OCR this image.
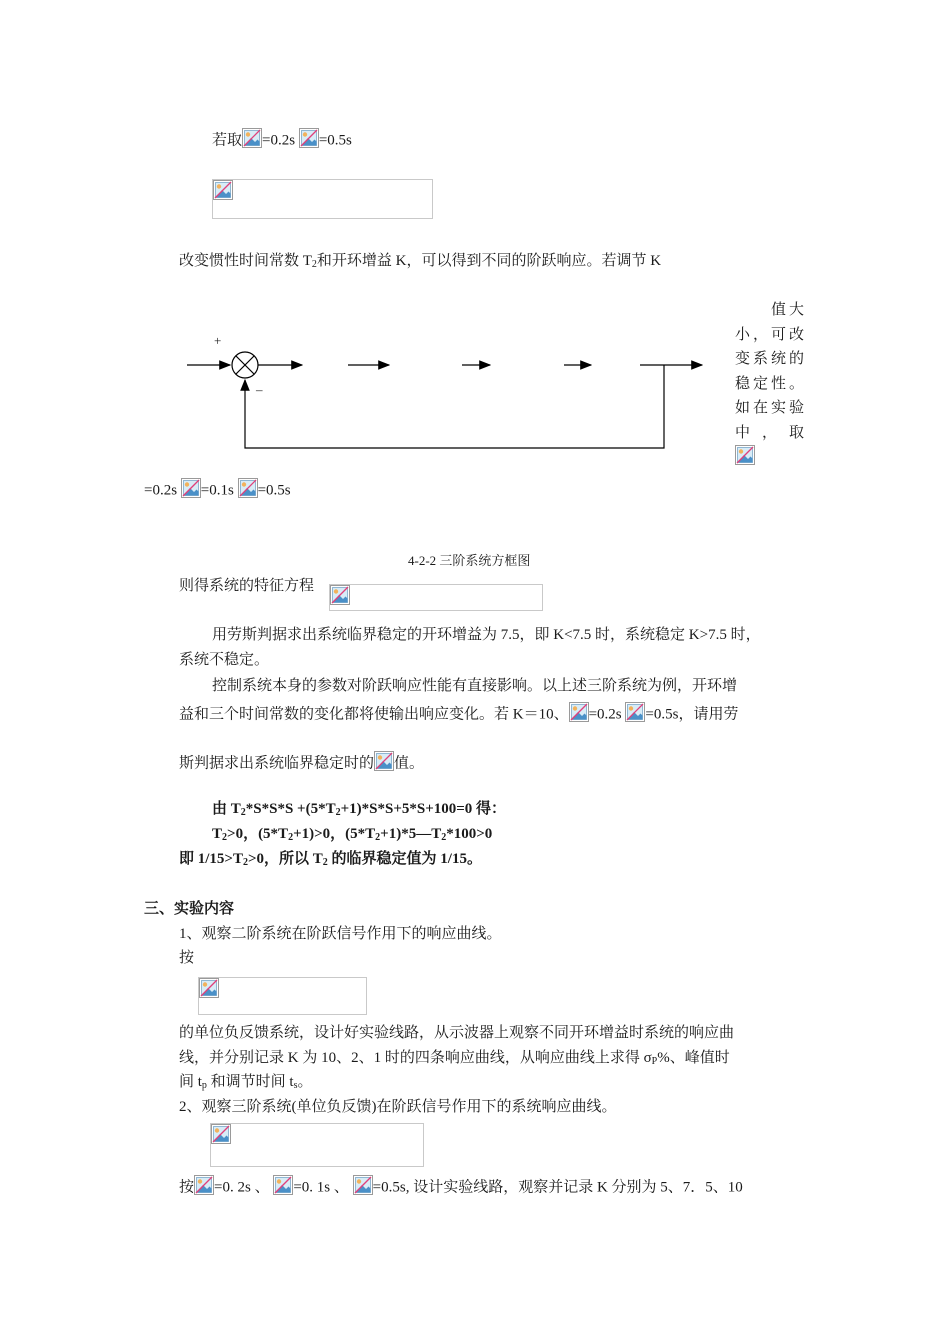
若取 =0.2s =0.5s
改变惯性时间常数 $T_2$和开环增益 K，可以得到不同的阶跃响应。若调节 K
+
–
值大
小，可改
变系统的
稳定性。
如在实验
中，取
=0.2s =0.1s =0.5s
4-2-2 三阶系统方框图
则得系统的特征方程
用劳斯判据求出系统临界稳定的开环增益为 7.5，即 K<7.5 时，系统稳定 K>7.5 时，
系统不稳定。
控制系统本身的参数对阶跃响应性能有直接影响。以上述三阶系统为例，开环增
益和三个时间常数的变化都将使输出响应变化。若 K＝10、 =0.2s =0.5s，请用劳
斯判据求出系统临界稳定时的 值。
由 $T_2*S*S*S +(5*T_2+1)*S*S+5*S+100=0$ 得：
$T_2>0$，$(5*T_2+1)>0$，$(5*T_2+1)*5—T_2*100>0$
即 $1/15>T_2>0$，所以 $T_2$ 的临界稳定值为 1/15。
三、实验内容
1、观察二阶系统在阶跃信号作用下的响应曲线。
按
的单位负反馈系统，设计好实验线路，从示波器上观察不同开环增益时系统的响应曲
线，并分别记录 K 为 10、2、1 时的四条响应曲线，从响应曲线上求得 $\sigma_P\%$、峰值时
间 $t_p$ 和调节时间 $t_s$。
2、观察三阶系统(单位负反馈)在阶跃信号作用下的系统响应曲线。
按 =0. 2s 、 =0. 1s 、 =0.5s, 设计实验线路，观察并记录 K 分别为 5、7．5、10
